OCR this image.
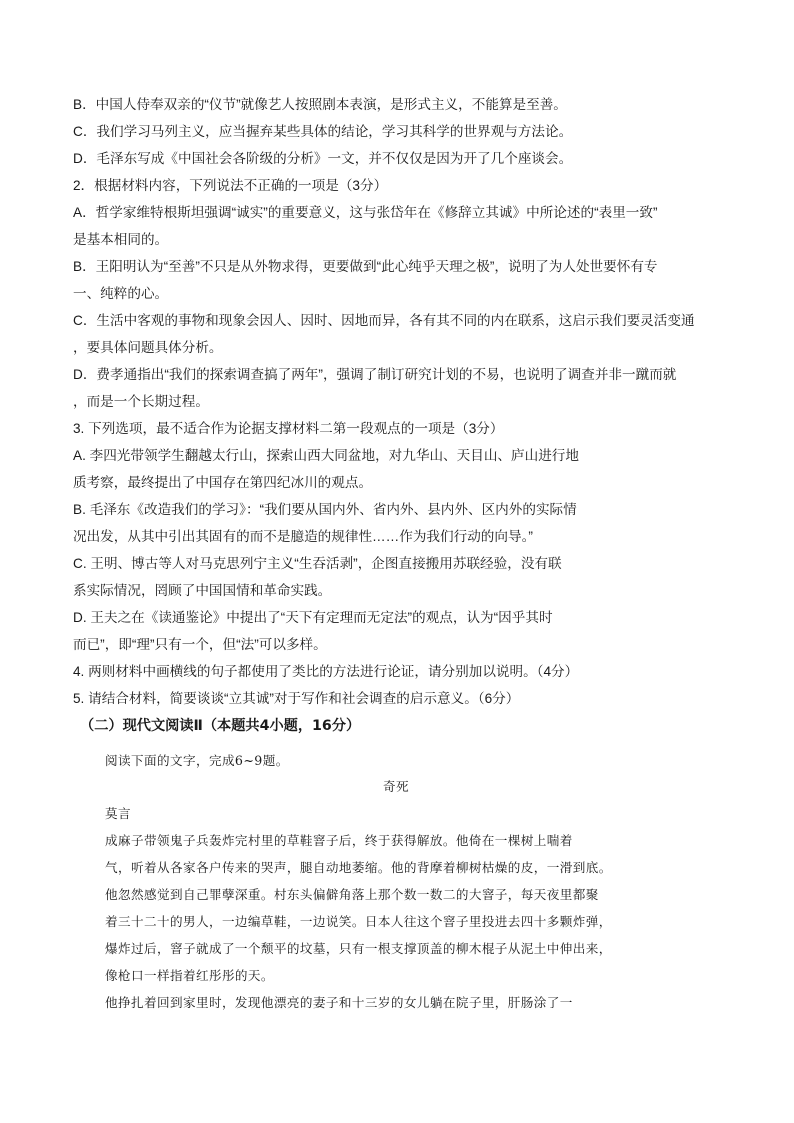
B．中国人侍奉双亲的“仪节”就像艺人按照剧本表演，是形式主义，不能算是至善。
C．我们学习马列主义，应当握弃某些具体的结论，学习其科学的世界观与方法论。
D．毛泽东写成《中国社会各阶级的分析》一文，并不仅仅是因为开了几个座谈会。
2．根据材料内容，下列说法不正确的一项是（3分）
A．哲学家维特根斯坦强调“诚实”的重要意义，这与张岱年在《修辞立其诚》中所论述的“表里一致”
是基本相同的。
B．王阳明认为“至善”不只是从外物求得，更要做到“此心纯乎天理之极”，说明了为人处世要怀有专
一、纯粹的心。
C．生活中客观的事物和现象会因人、因时、因地而异，各有其不同的内在联系，这启示我们要灵活变通
，要具体问题具体分析。
D．费孝通指出“我们的探索调查搞了两年”，强调了制订研究计划的不易，也说明了调查并非一蹴而就
，而是一个长期过程。
3. 下列选项，最不适合作为论据支撑材料二第一段观点的一项是（3分）
A. 李四光带领学生翻越太行山，探索山西大同盆地，对九华山、天目山、庐山进行地
质考察，最终提出了中国存在第四纪冰川的观点。
B. 毛泽东《改造我们的学习》：“我们要从国内外、省内外、县内外、区内外的实际情
况出发，从其中引出其固有的而不是臆造的规律性……作为我们行动的向导。”
C. 王明、博古等人对马克思列宁主义“生吞活剥”，企图直接搬用苏联经验，没有联
系实际情况，罔顾了中国国情和革命实践。
D. 王夫之在《读通鉴论》中提出了“天下有定理而无定法”的观点，认为“因乎其时
而已”，即“理”只有一个，但“法”可以多样。
4. 两则材料中画横线的句子都使用了类比的方法进行论证，请分别加以说明。（4分）
5. 请结合材料，简要谈谈“立其诚”对于写作和社会调查的启示意义。（6分）
（二）现代文阅读Ⅱ（本题共4小题，16分）
阅读下面的文字，完成6~9题。
奇死
莫言
成麻子带领鬼子兵轰炸完村里的草鞋窨子后，终于获得解放。他倚在一棵树上喘着
气，听着从各家各户传来的哭声，腿自动地萎缩。他的背摩着柳树枯燥的皮，一滑到底。
他忽然感觉到自己罪孽深重。村东头偏僻角落上那个数一数二的大窨子，每天夜里都聚
着三十二十的男人，一边编草鞋，一边说笑。日本人往这个窨子里投进去四十多颗炸弹，
爆炸过后，窨子就成了一个颓平的坟墓，只有一根支撑顶盖的柳木棍子从泥土中伸出来，
像枪口一样指着红彤彤的天。
他挣扎着回到家里时，发现他漂亮的妻子和十三岁的女儿躺在院子里，肝肠涂了一
